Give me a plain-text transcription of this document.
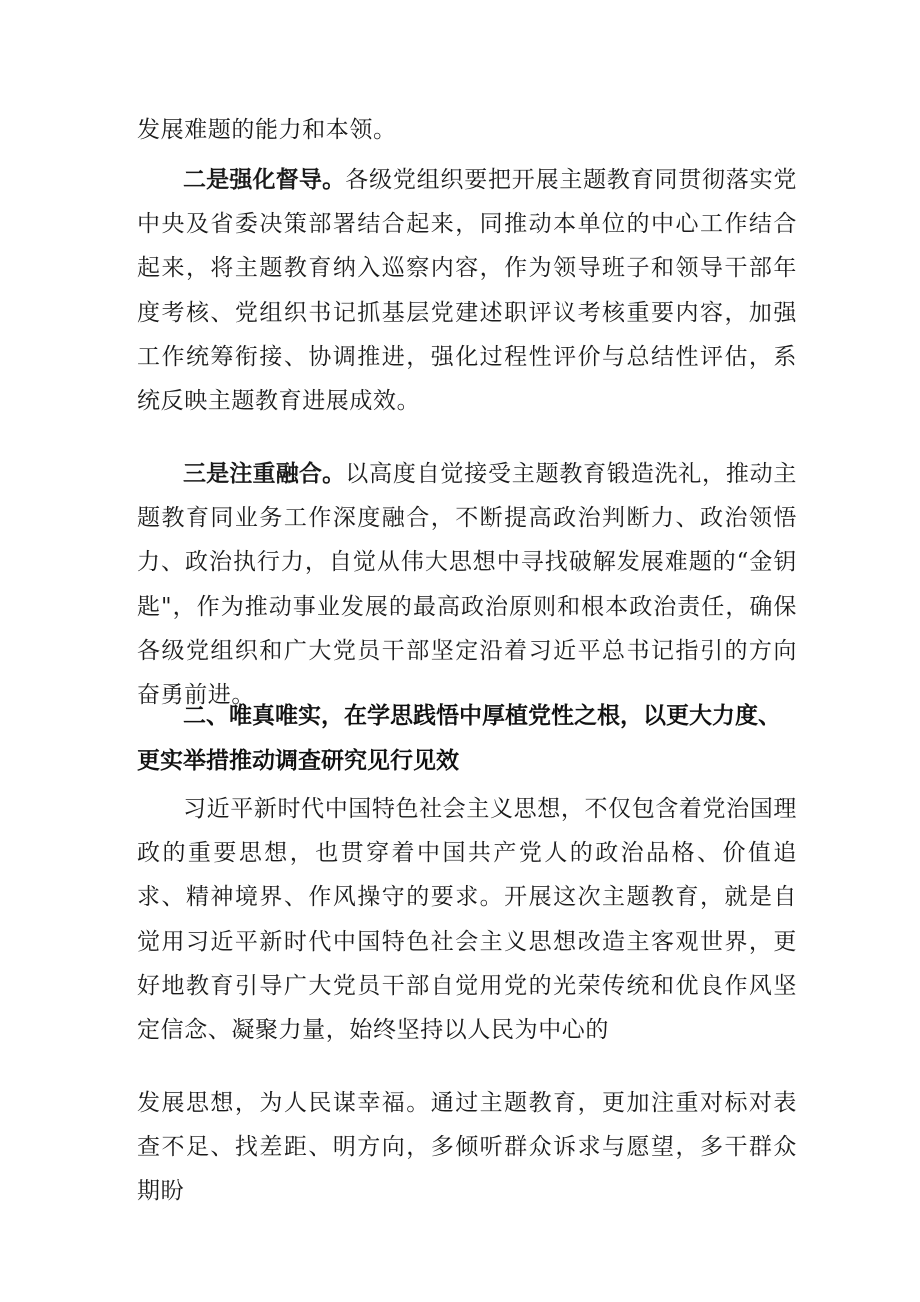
发展难题的能力和本领。

二是强化督导。各级党组织要把开展主题教育同贯彻落实党中央及省委决策部署结合起来，同推动本单位的中心工作结合起来，将主题教育纳入巡察内容，作为领导班子和领导干部年度考核、党组织书记抓基层党建述职评议考核重要内容，加强工作统筹衔接、协调推进，强化过程性评价与总结性评估，系统反映主题教育进展成效。

三是注重融合。以高度自觉接受主题教育锻造洗礼，推动主题教育同业务工作深度融合，不断提高政治判断力、政治领悟力、政治执行力，自觉从伟大思想中寻找破解发展难题的“金钥匙"，作为推动事业发展的最高政治原则和根本政治责任，确保各级党组织和广大党员干部坚定沿着习近平总书记指引的方向奋勇前进。

二、唯真唯实，在学思践悟中厚植党性之根，以更大力度、更实举措推动调查研究见行见效

习近平新时代中国特色社会主义思想，不仅包含着党治国理政的重要思想，也贯穿着中国共产党人的政治品格、价值追求、精神境界、作风操守的要求。开展这次主题教育，就是自觉用习近平新时代中国特色社会主义思想改造主客观世界，更好地教育引导广大党员干部自觉用党的光荣传统和优良作风坚定信念、凝聚力量，始终坚持以人民为中心的

发展思想，为人民谋幸福。通过主题教育，更加注重对标对表查不足、找差距、明方向，多倾听群众诉求与愿望，多干群众期盼
